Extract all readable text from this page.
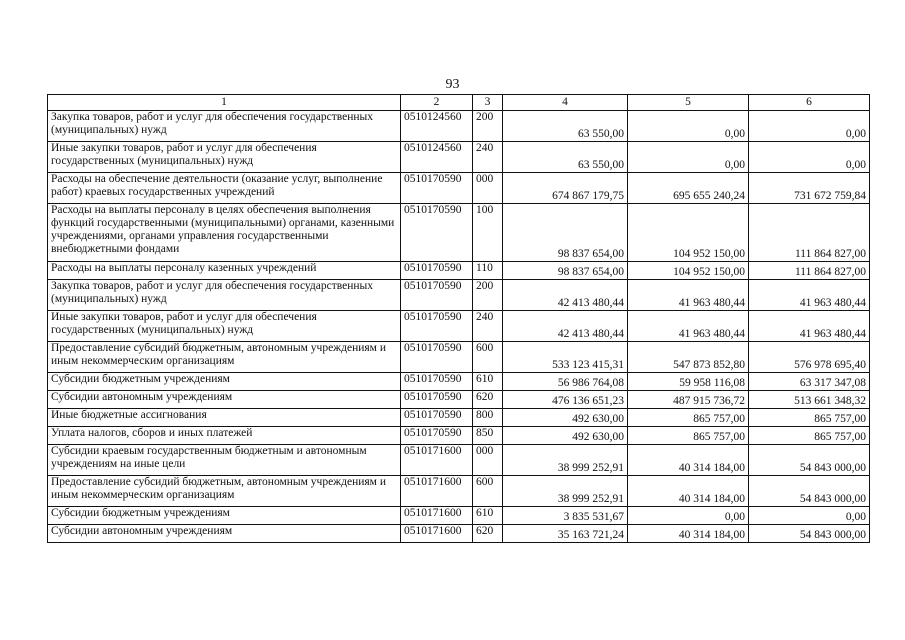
93
1	2	3	4	5	6
Закупка товаров, работ и услуг для обеспечения государственных (муниципальных) нужд	0510124560	200	63 550,00	0,00	0,00
Иные закупки товаров, работ и услуг для обеспечения государственных (муниципальных) нужд	0510124560	240	63 550,00	0,00	0,00
Расходы на обеспечение деятельности (оказание услуг, выполнение работ) краевых государственных учреждений	0510170590	000	674 867 179,75	695 655 240,24	731 672 759,84
Расходы на выплаты персоналу в целях обеспечения выполнения функций государственными (муниципальными) органами, казенными учреждениями, органами управления государственными внебюджетными фондами	0510170590	100	98 837 654,00	104 952 150,00	111 864 827,00
Расходы на выплаты персоналу казенных учреждений	0510170590	110	98 837 654,00	104 952 150,00	111 864 827,00
Закупка товаров, работ и услуг для обеспечения государственных (муниципальных) нужд	0510170590	200	42 413 480,44	41 963 480,44	41 963 480,44
Иные закупки товаров, работ и услуг для обеспечения государственных (муниципальных) нужд	0510170590	240	42 413 480,44	41 963 480,44	41 963 480,44
Предоставление субсидий бюджетным, автономным учреждениям и иным некоммерческим организациям	0510170590	600	533 123 415,31	547 873 852,80	576 978 695,40
Субсидии бюджетным учреждениям	0510170590	610	56 986 764,08	59 958 116,08	63 317 347,08
Субсидии автономным учреждениям	0510170590	620	476 136 651,23	487 915 736,72	513 661 348,32
Иные бюджетные ассигнования	0510170590	800	492 630,00	865 757,00	865 757,00
Уплата налогов, сборов и иных платежей	0510170590	850	492 630,00	865 757,00	865 757,00
Субсидии краевым государственным бюджетным и автономным учреждениям на иные цели	0510171600	000	38 999 252,91	40 314 184,00	54 843 000,00
Предоставление субсидий бюджетным, автономным учреждениям и иным некоммерческим организациям	0510171600	600	38 999 252,91	40 314 184,00	54 843 000,00
Субсидии бюджетным учреждениям	0510171600	610	3 835 531,67	0,00	0,00
Субсидии автономным учреждениям	0510171600	620	35 163 721,24	40 314 184,00	54 843 000,00
